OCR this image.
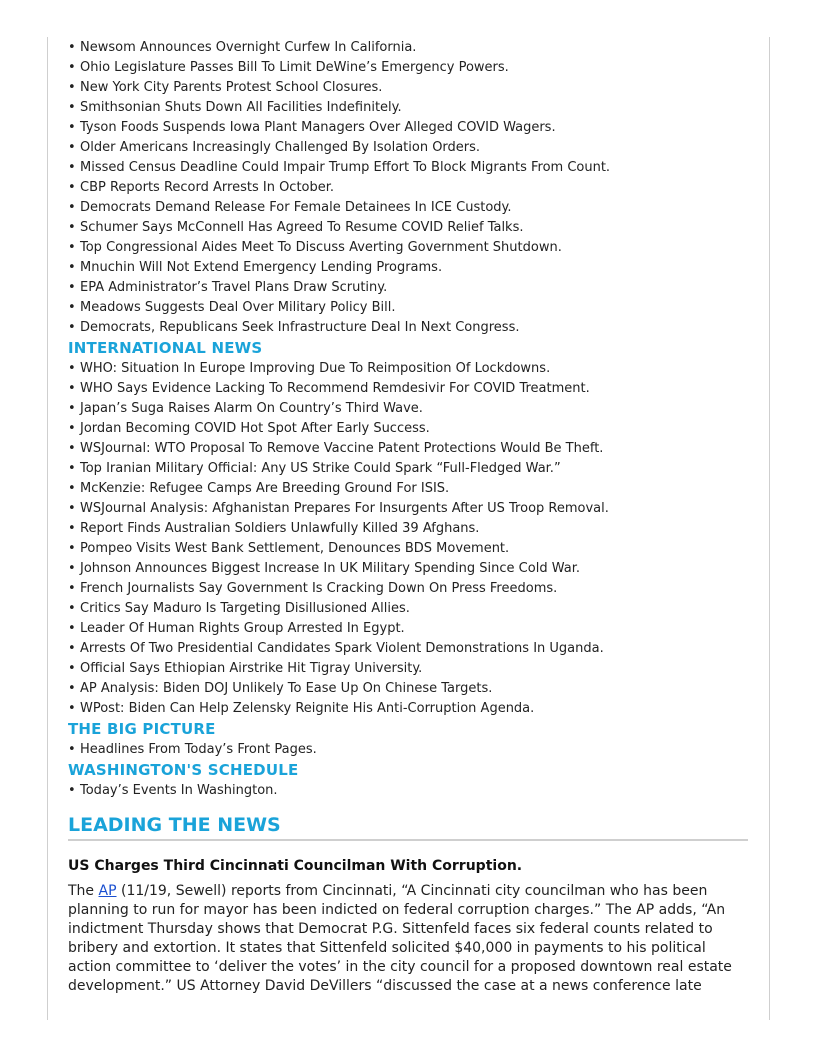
• Newsom Announces Overnight Curfew In California.
• Ohio Legislature Passes Bill To Limit DeWine’s Emergency Powers.
• New York City Parents Protest School Closures.
• Smithsonian Shuts Down All Facilities Indefinitely.
• Tyson Foods Suspends Iowa Plant Managers Over Alleged COVID Wagers.
• Older Americans Increasingly Challenged By Isolation Orders.
• Missed Census Deadline Could Impair Trump Effort To Block Migrants From Count.
• CBP Reports Record Arrests In October.
• Democrats Demand Release For Female Detainees In ICE Custody.
• Schumer Says McConnell Has Agreed To Resume COVID Relief Talks.
• Top Congressional Aides Meet To Discuss Averting Government Shutdown.
• Mnuchin Will Not Extend Emergency Lending Programs.
• EPA Administrator’s Travel Plans Draw Scrutiny.
• Meadows Suggests Deal Over Military Policy Bill.
• Democrats, Republicans Seek Infrastructure Deal In Next Congress.
INTERNATIONAL NEWS
• WHO: Situation In Europe Improving Due To Reimposition Of Lockdowns.
• WHO Says Evidence Lacking To Recommend Remdesivir For COVID Treatment.
• Japan’s Suga Raises Alarm On Country’s Third Wave.
• Jordan Becoming COVID Hot Spot After Early Success.
• WSJournal: WTO Proposal To Remove Vaccine Patent Protections Would Be Theft.
• Top Iranian Military Official: Any US Strike Could Spark “Full-Fledged War.”
• McKenzie: Refugee Camps Are Breeding Ground For ISIS.
• WSJournal Analysis: Afghanistan Prepares For Insurgents After US Troop Removal.
• Report Finds Australian Soldiers Unlawfully Killed 39 Afghans.
• Pompeo Visits West Bank Settlement, Denounces BDS Movement.
• Johnson Announces Biggest Increase In UK Military Spending Since Cold War.
• French Journalists Say Government Is Cracking Down On Press Freedoms.
• Critics Say Maduro Is Targeting Disillusioned Allies.
• Leader Of Human Rights Group Arrested In Egypt.
• Arrests Of Two Presidential Candidates Spark Violent Demonstrations In Uganda.
• Official Says Ethiopian Airstrike Hit Tigray University.
• AP Analysis: Biden DOJ Unlikely To Ease Up On Chinese Targets.
• WPost: Biden Can Help Zelensky Reignite His Anti-Corruption Agenda.
THE BIG PICTURE
• Headlines From Today’s Front Pages.
WASHINGTON'S SCHEDULE
• Today’s Events In Washington.
LEADING THE NEWS
US Charges Third Cincinnati Councilman With Corruption.

The AP (11/19, Sewell) reports from Cincinnati, “A Cincinnati city councilman who has been planning to run for mayor has been indicted on federal corruption charges.” The AP adds, “An indictment Thursday shows that Democrat P.G. Sittenfeld faces six federal counts related to bribery and extortion. It states that Sittenfeld solicited $40,000 in payments to his political action committee to ‘deliver the votes’ in the city council for a proposed downtown real estate development.” US Attorney David DeVillers “discussed the case at a news conference late
